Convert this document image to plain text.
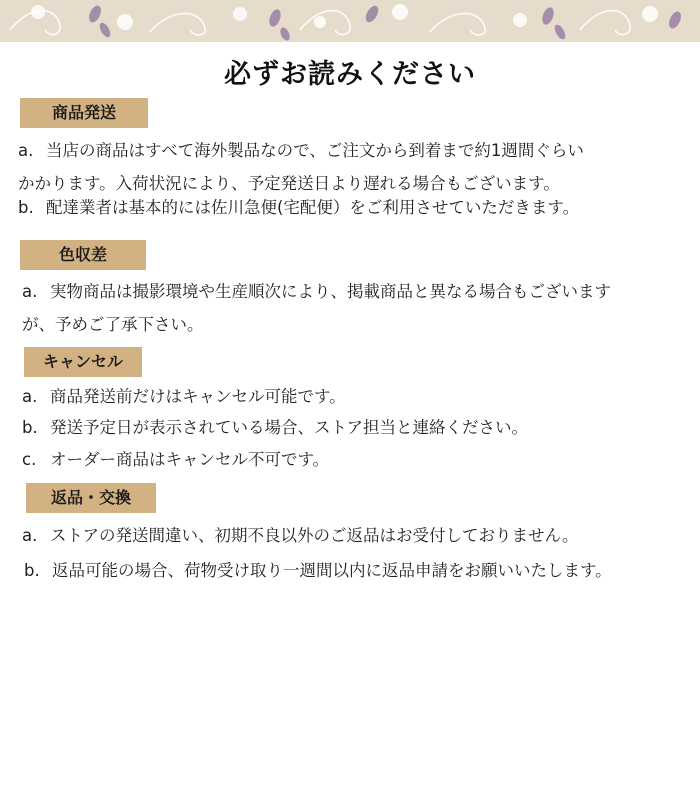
必ずお読みください
商品発送
a. 当店の商品はすべて海外製品なので、ご注文から到着まで約1週間ぐらい
かかります。入荷状況により、予定発送日より遅れる場合もございます。
b. 配達業者は基本的には佐川急便(宅配便）をご利用させていただきます。
色収差
a. 実物商品は撮影環境や生産順次により、掲載商品と異なる場合もございます
が、予めご了承下さい。
キャンセル
a. 商品発送前だけはキャンセル可能です。
b. 発送予定日が表示されている場合、ストア担当と連絡ください。
c. オーダー商品はキャンセル不可です。
返品・交換
a. ストアの発送間違い、初期不良以外のご返品はお受付しておりません。
b. 返品可能の場合、荷物受け取り一週間以内に返品申請をお願いいたします。
